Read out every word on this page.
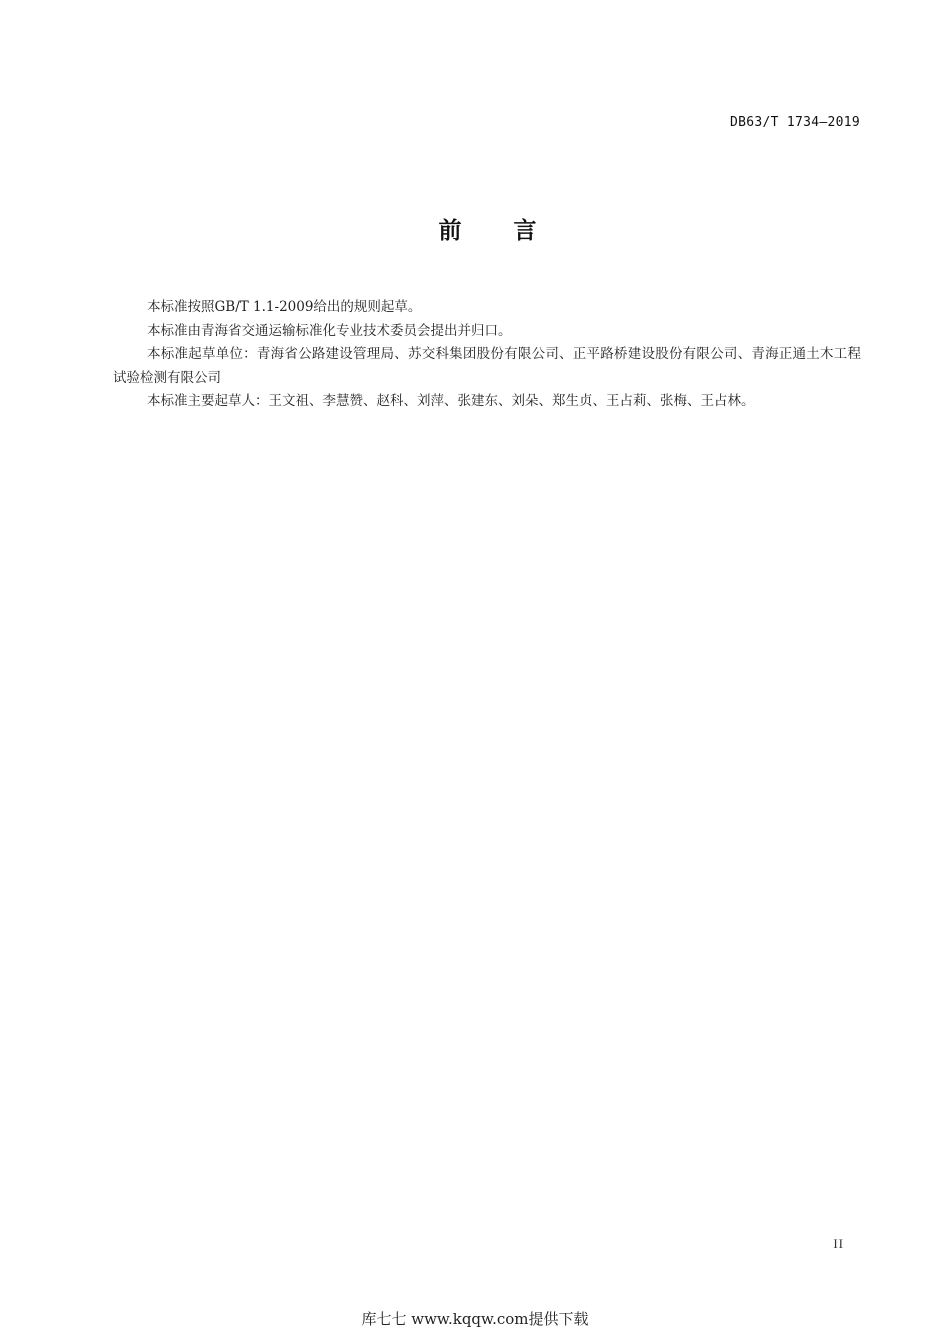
DB63/T 1734—2019
前 言

本标准按照GB/T 1.1-2009给出的规则起草。

本标准由青海省交通运输标准化专业技术委员会提出并归口。

本标准起草单位：青海省公路建设管理局、苏交科集团股份有限公司、正平路桥建设股份有限公司、青海正通土木工程试验检测有限公司

本标准主要起草人：王文祖、李慧赞、赵科、刘萍、张建东、刘朵、郑生贞、王占莉、张梅、王占林。

II
库七七 www.kqqw.com提供下载
